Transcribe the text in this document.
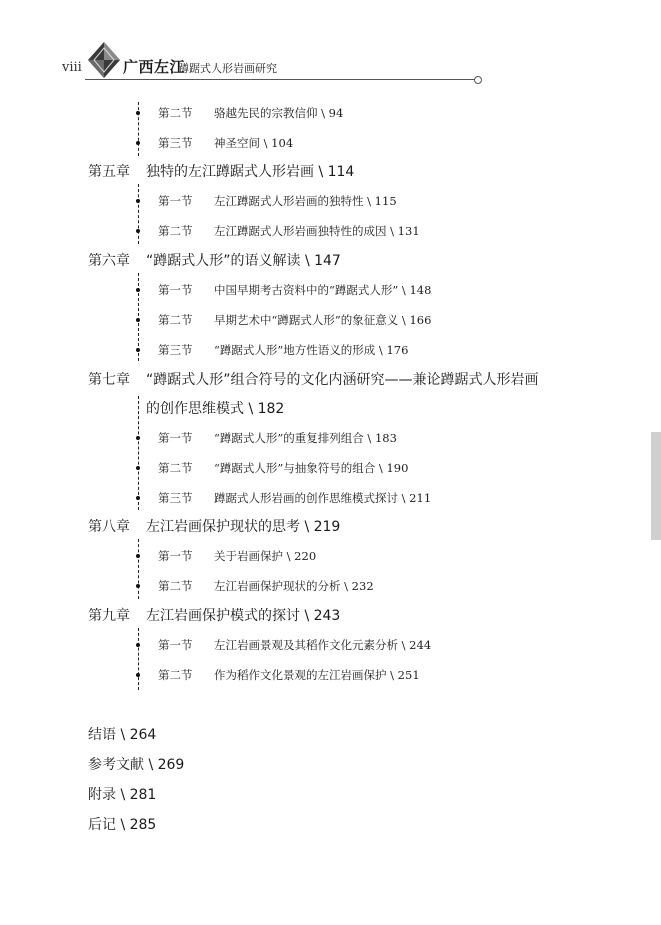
viii	广西左江
蹲踞式人形岩画研究
第二节 骆越先民的宗教信仰 \ 94
第三节 神圣空间 \ 104
第五章 独特的左江蹲踞式人形岩画 \ 114
第一节 左江蹲踞式人形岩画的独特性 \ 115
第二节 左江蹲踞式人形岩画独特性的成因 \ 131
第六章 “蹲踞式人形”的语义解读 \ 147
第一节 中国早期考古资料中的“蹲踞式人形” \ 148
第二节 早期艺术中“蹲踞式人形”的象征意义 \ 166
第三节 “蹲踞式人形”地方性语义的形成 \ 176
第七章 “蹲踞式人形”组合符号的文化内涵研究——兼论蹲踞式人形岩画
的创作思维模式 \ 182
第一节 “蹲踞式人形”的重复排列组合 \ 183
第二节 “蹲踞式人形”与抽象符号的组合 \ 190
第三节 蹲踞式人形岩画的创作思维模式探讨 \ 211
第八章 左江岩画保护现状的思考 \ 219
第一节 关于岩画保护 \ 220
第二节 左江岩画保护现状的分析 \ 232
第九章 左江岩画保护模式的探讨 \ 243
第一节 左江岩画景观及其稻作文化元素分析 \ 244
第二节 作为稻作文化景观的左江岩画保护 \ 251
结语 \ 264
参考文献 \ 269
附录 \ 281
后记 \ 285
